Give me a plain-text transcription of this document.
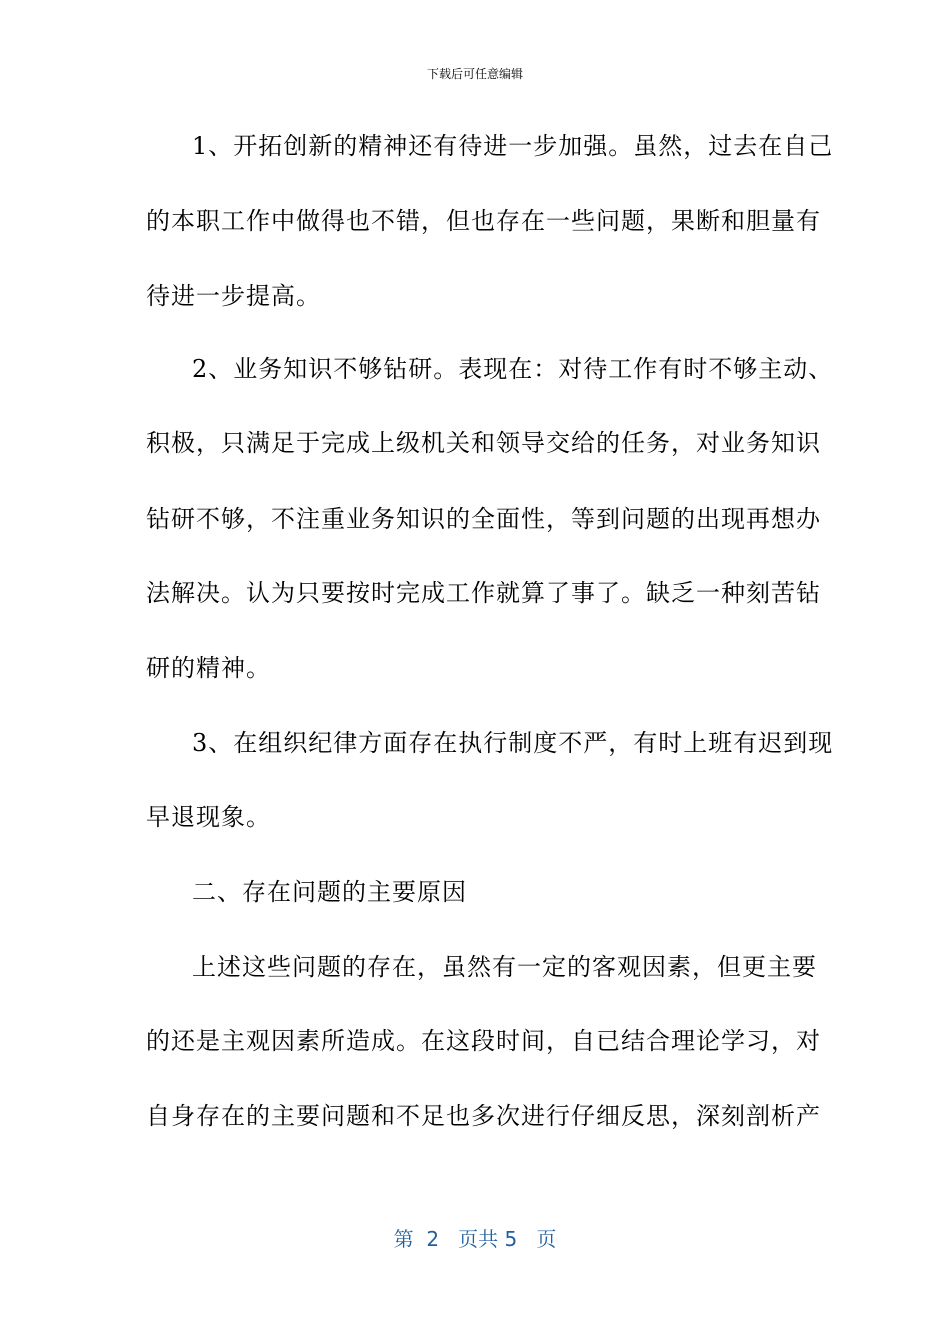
下载后可任意编辑
1、开拓创新的精神还有待进一步加强。虽然，过去在自己
的本职工作中做得也不错，但也存在一些问题，果断和胆量有
待进一步提高。
2、业务知识不够钻研。表现在：对待工作有时不够主动、
积极，只满足于完成上级机关和领导交给的任务，对业务知识
钻研不够，不注重业务知识的全面性，等到问题的出现再想办
法解决。认为只要按时完成工作就算了事了。缺乏一种刻苦钻
研的精神。
3、在组织纪律方面存在执行制度不严，有时上班有迟到现
早退现象。
二、存在问题的主要原因
上述这些问题的存在，虽然有一定的客观因素，但更主要
的还是主观因素所造成。在这段时间，自已结合理论学习，对
自身存在的主要问题和不足也多次进行仔细反思，深刻剖析产
第  2   页共 5   页
